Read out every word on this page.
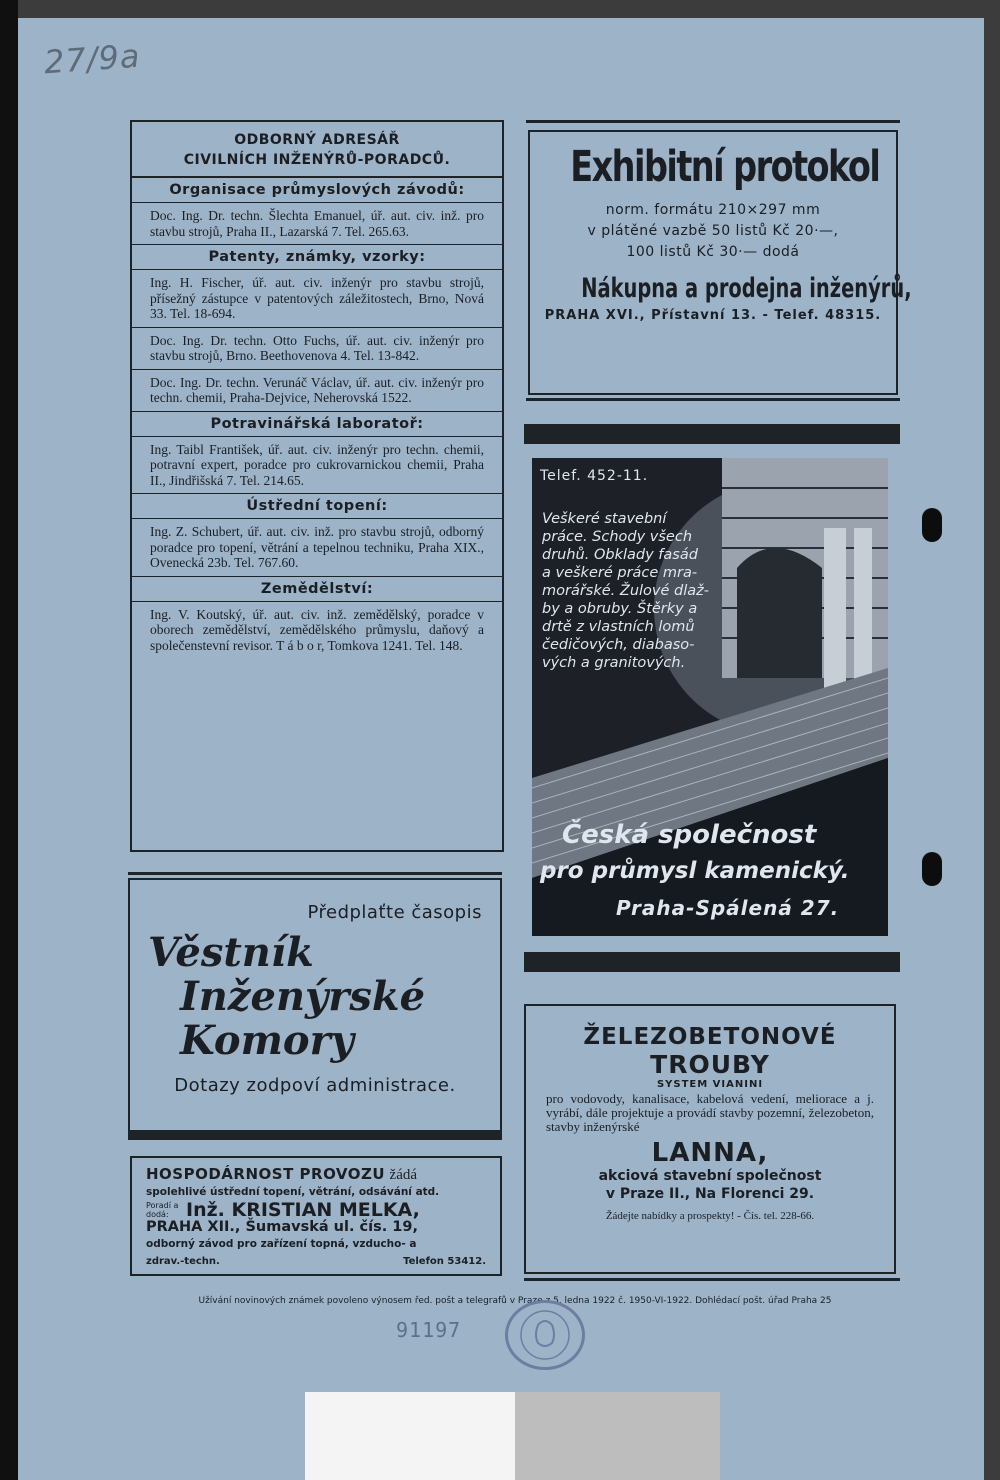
27/9a
ODBORNÝ ADRESÁŘ
CIVILNÍCH INŽENÝRŮ-PORADCŮ.
Organisace průmyslových závodů:
Doc. Ing. Dr. techn. Šlechta Emanuel, úř. aut. civ. inž. pro stavbu strojů, Praha II., Lazarská 7. Tel. 265.63.
Patenty, známky, vzorky:
Ing. H. Fischer, úř. aut. civ. inženýr pro stavbu strojů, přísežný zástupce v patentových záležitostech, Brno, Nová 33. Tel. 18-694.
Doc. Ing. Dr. techn. Otto Fuchs, úř. aut. civ. inženýr pro stavbu strojů, Brno. Beethovenova 4. Tel. 13-842.
Doc. Ing. Dr. techn. Verunáč Václav, úř. aut. civ. inženýr pro techn. chemii, Praha-Dejvice, Neherovská 1522.
Potravinářská laboratoř:
Ing. Taibl František, úř. aut. civ. inženýr pro techn. chemii, potravní expert, poradce pro cukrovarnickou chemii, Praha II., Jindřišská 7. Tel. 214.65.
Ústřední topení:
Ing. Z. Schubert, úř. aut. civ. inž. pro stavbu strojů, odborný poradce pro topení, větrání a tepelnou techniku, Praha XIX., Ovenecká 23b. Tel. 767.60.
Zemědělství:
Ing. V. Koutský, úř. aut. civ. inž. zemědělský, poradce v oborech zemědělství, zemědělského průmyslu, daňový a společenstevní revisor. T á b o r, Tomkova 1241. Tel. 148.
Exhibitní protokol
norm. formátu 210×297 mm
v plátěné vazbě 50 listů Kč 20·—,
100 listů Kč 30·— dodá
Nákupna a prodejna inženýrů,
PRAHA XVI., Přístavní 13. - Telef. 48315.
Telef. 452-11.
Veškeré stavební
práce. Schody všech
druhů. Obklady fasád
a veškeré práce mra-
morářské. Žulové dlaž-
by a obruby. Štěrky a
drtě z vlastních lomů
čedičových, diabaso-
vých a granitových.
Česká společnost
pro průmysl kamenický.
Praha-Spálená 27.
Předplaťte časopis
Věstník
Inženýrské
Komory
Dotazy zodpoví administrace.
HOSPODÁRNOST PROVOZU žádá
spolehlivé ústřední topení, větrání, odsávání atd.
Poradí a dodá: Inž. KRISTIAN MELKA,
PRAHA XII., Šumavská ul. čís. 19,
odborný závod pro zařízení topná, vzducho- a
zdrav.-techn.	Telefon 53412.
ŽELEZOBETONOVÉ
TROUBY
SYSTEM VIANINI
pro vodovody, kanalisace, kabelová vedení, meliorace a j. vyrábí, dále projektuje a provádí stavby pozemní, železobeton, stavby inženýrské
LANNA,
akciová stavební společnost
v Praze II., Na Florenci 29.
Žádejte nabídky a prospekty! - Čís. tel. 228-66.
Užívání novinových známek povoleno výnosem řed. pošt a telegrafů v Praze z 5. ledna 1922 č. 1950-VI-1922. Dohlédací pošt. úřad Praha 25
91197
